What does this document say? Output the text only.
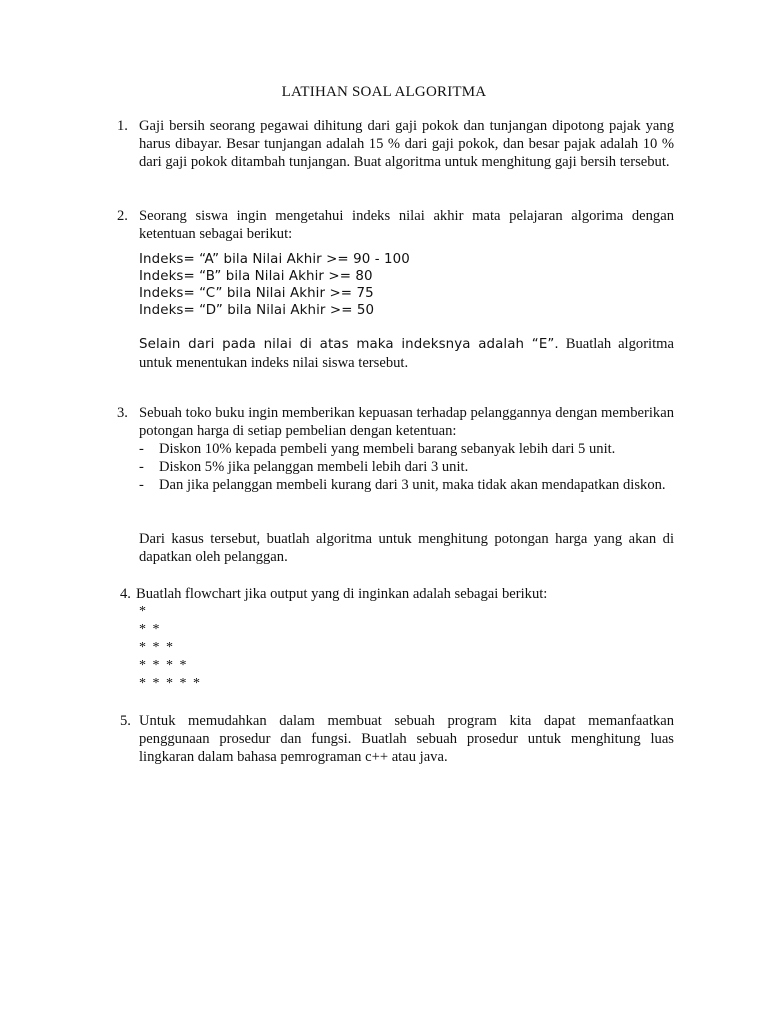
LATIHAN SOAL ALGORITMA
1. Gaji bersih seorang pegawai dihitung dari gaji pokok dan tunjangan dipotong pajak yang harus dibayar. Besar tunjangan adalah 15 % dari gaji pokok, dan besar pajak adalah 10 % dari gaji pokok ditambah tunjangan. Buat algoritma untuk menghitung gaji bersih tersebut.
2. Seorang siswa ingin mengetahui indeks nilai akhir mata pelajaran algorima dengan ketentuan sebagai berikut:
Indeks= “A” bila Nilai Akhir >= 90 - 100
Indeks= “B” bila Nilai Akhir >= 80
Indeks= “C” bila Nilai Akhir >= 75
Indeks= “D” bila Nilai Akhir >= 50
Selain dari pada nilai di atas maka indeksnya adalah “E”. Buatlah algoritma untuk menentukan indeks nilai siswa tersebut.
3. Sebuah toko buku ingin memberikan kepuasan terhadap pelanggannya dengan memberikan potongan harga di setiap pembelian dengan ketentuan:
- Diskon 10% kepada pembeli yang membeli barang sebanyak lebih dari 5 unit.
- Diskon 5% jika pelanggan membeli lebih dari 3 unit.
- Dan jika pelanggan membeli kurang dari 3 unit, maka tidak akan mendapatkan diskon.
Dari kasus tersebut, buatlah algoritma untuk menghitung potongan harga yang akan di dapatkan oleh pelanggan.
4. Buatlah flowchart jika output yang di inginkan adalah sebagai berikut:
*
* *
* * *
* * * *
* * * * *
5. Untuk memudahkan dalam membuat sebuah program kita dapat memanfaatkan penggunaan prosedur dan fungsi. Buatlah sebuah prosedur untuk menghitung luas lingkaran dalam bahasa pemrograman c++ atau java.
